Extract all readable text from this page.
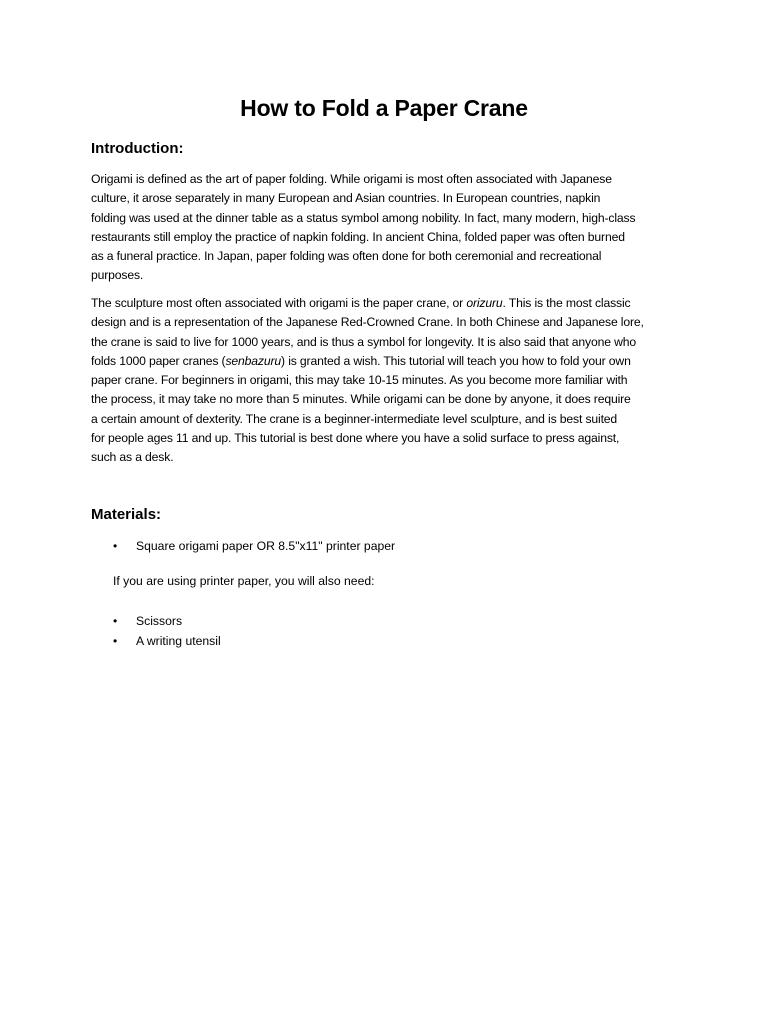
How to Fold a Paper Crane
Introduction:

Origami is defined as the art of paper folding. While origami is most often associated with Japanese
culture, it arose separately in many European and Asian countries. In European countries, napkin
folding was used at the dinner table as a status symbol among nobility. In fact, many modern, high-class
restaurants still employ the practice of napkin folding. In ancient China, folded paper was often burned
as a funeral practice. In Japan, paper folding was often done for both ceremonial and recreational
purposes.

The sculpture most often associated with origami is the paper crane, or orizuru. This is the most classic
design and is a representation of the Japanese Red-Crowned Crane. In both Chinese and Japanese lore,
the crane is said to live for 1000 years, and is thus a symbol for longevity. It is also said that anyone who
folds 1000 paper cranes (senbazuru) is granted a wish. This tutorial will teach you how to fold your own
paper crane. For beginners in origami, this may take 10-15 minutes. As you become more familiar with
the process, it may take no more than 5 minutes. While origami can be done by anyone, it does require
a certain amount of dexterity. The crane is a beginner-intermediate level sculpture, and is best suited
for people ages 11 and up. This tutorial is best done where you have a solid surface to press against,
such as a desk.

Materials:
• Square origami paper OR 8.5"x11" printer paper

If you are using printer paper, you will also need:

• Scissors
• A writing utensil
